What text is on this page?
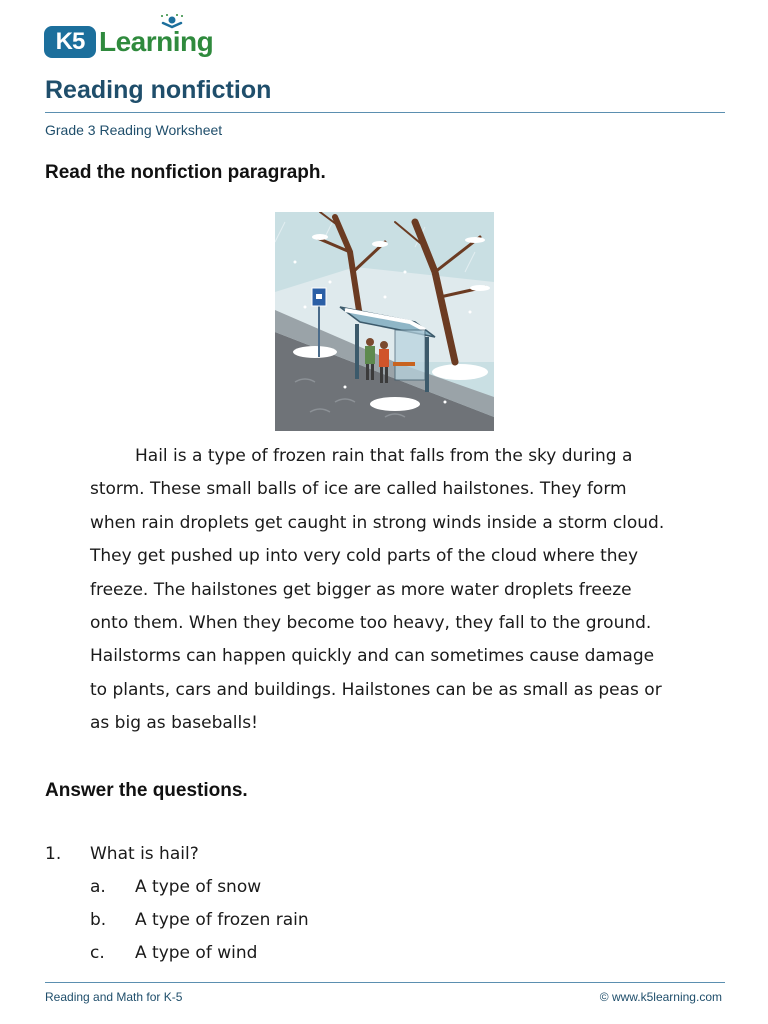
K5 Learning
Reading nonfiction
Grade 3 Reading Worksheet
Read the nonfiction paragraph.

Hail is a type of frozen rain that falls from the sky during a storm. These small balls of ice are called hailstones. They form when rain droplets get caught in strong winds inside a storm cloud. They get pushed up into very cold parts of the cloud where they freeze. The hailstones get bigger as more water droplets freeze onto them. When they become too heavy, they fall to the ground. Hailstorms can happen quickly and can sometimes cause damage to plants, cars and buildings. Hailstones can be as small as peas or as big as baseballs!

Answer the questions.
1. What is hail?
a. A type of snow
b. A type of frozen rain
c. A type of wind
Reading and Math for K-5	© www.k5learning.com
